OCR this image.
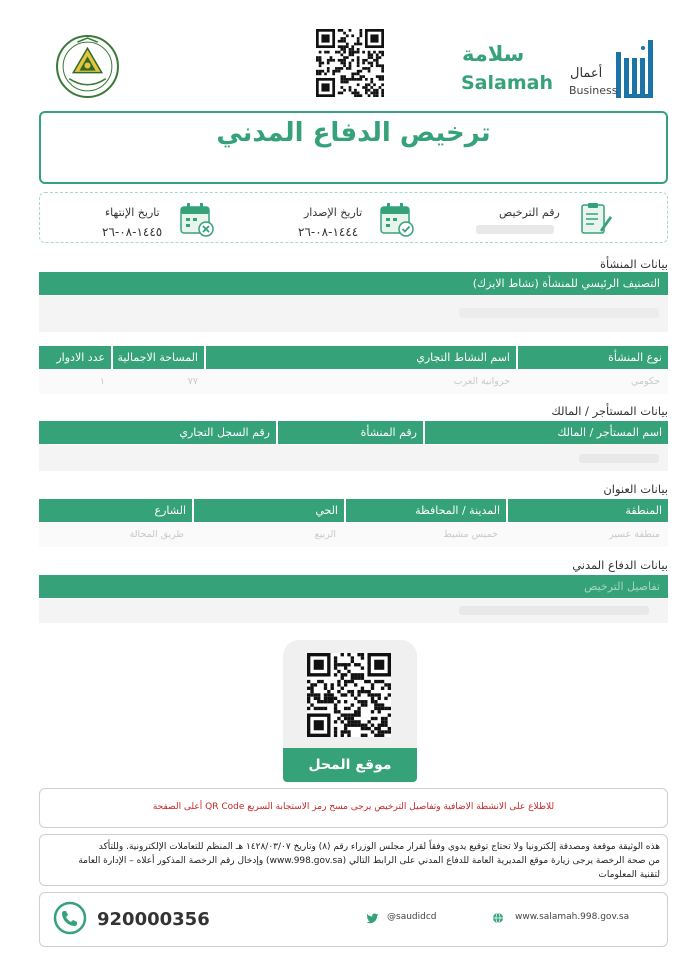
سلامة
Salamah أعمال
Business
ترخيص الدفاع المدني
رقم الترخيص
تاريخ الإصدار
١٤٤٤-٠٨-٢٦
تاريخ الإنتهاء
١٤٤٥-٠٨-٢٦
بيانات المنشأة
التصنيف الرئيسي للمنشأة (نشاط الايزك)
نوع المنشأة
اسم النشاط التجاري
المساحة الاجمالية
عدد الادوار
حكومي
حروانية الغرب
٧٧
١
بيانات المستأجر / المالك
اسم المستأجر / المالك
رقم المنشأة
رقم السجل التجاري
بيانات العنوان
المنطقة
المدينة / المحافظة
الحي
الشارع
منطقة عسير
خميس مشيط
الربيع
طريق المحالة
بيانات الدفاع المدني
تفاصيل الترخيص
موقع المحل
للاطلاع على الانشطة الاضافية وتفاصيل الترخيص يرجى مسح رمز الاستجابة السريع QR Code أعلى الصفحة
هذه الوثيقة موقعة ومصدقة إلكترونيا ولا تحتاج توقيع يدوي وفقاً لقرار مجلس الوزراء رقم (٨) وتاريخ ١٤٢٨/٠٣/٠٧ هـ المنظم للتعاملات الإلكترونية. وللتأكد
من صحة الرخصة يرجى زيارة موقع المديرية العامة للدفاع المدني على الرابط التالي (www.998.gov.sa) وإدخال رقم الرخصة المذكور أعلاه – الإدارة العامة
لتقنية المعلومات
920000356	@saudidcd	www.salamah.998.gov.sa
